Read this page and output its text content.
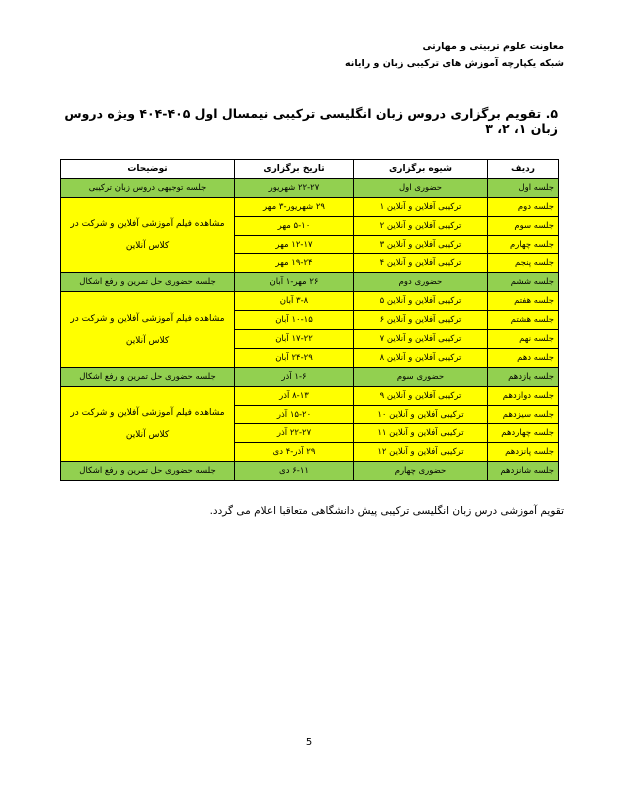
معاونت علوم تربیتی و مهارتی
شبکه یکپارچه آموزش های ترکیبی زبان و رایانه
۵. تقویم برگزاری دروس زبان انگلیسی ترکیبی نیمسال اول ۴۰۵-۴۰۴ ویژه دروس زبان ۱، ۲، ۳
ردیف	شیوه برگزاری	تاریخ برگزاری	توضیحات
جلسه اول	حضوری اول	۲۲-۲۷ شهریور	جلسه توجیهی دروس زبان ترکیبی
جلسه دوم	ترکیبی آفلاین و آنلاین ۱	۲۹ شهریور-۳ مهر	مشاهده فیلم آموزشی آفلاین و شرکت در کلاس آنلاین
جلسه سوم	ترکیبی آفلاین و آنلاین ۲	۵-۱۰ مهر	
جلسه چهارم	ترکیبی آفلاین و آنلاین ۳	۱۲-۱۷ مهر	
جلسه پنجم	ترکیبی آفلاین و آنلاین ۴	۱۹-۲۴ مهر	
جلسه ششم	حضوری دوم	۲۶ مهر-۱ آبان	جلسه حضوری حل تمرین و رفع اشکال
جلسه هفتم	ترکیبی آفلاین و آنلاین ۵	۳-۸ آبان	مشاهده فیلم آموزشی آفلاین و شرکت در کلاس آنلاین
جلسه هشتم	ترکیبی آفلاین و آنلاین ۶	۱۰-۱۵ آبان	
جلسه نهم	ترکیبی آفلاین و آنلاین ۷	۱۷-۲۲ آبان	
جلسه دهم	ترکیبی آفلاین و آنلاین ۸	۲۴-۲۹ آبان	
جلسه یازدهم	حضوری سوم	۱-۶ آذر	جلسه حضوری حل تمرین و رفع اشکال
جلسه دوازدهم	ترکیبی آفلاین و آنلاین ۹	۸-۱۳ آذر	مشاهده فیلم آموزشی آفلاین و شرکت در کلاس آنلاین
جلسه سیزدهم	ترکیبی آفلاین و آنلاین ۱۰	۱۵-۲۰ آذر	
جلسه چهاردهم	ترکیبی آفلاین و آنلاین ۱۱	۲۲-۲۷ آذر	
جلسه پانزدهم	ترکیبی آفلاین و آنلاین ۱۲	۲۹ آذر-۴ دی	
جلسه شانزدهم	حضوری چهارم	۶-۱۱ دی	جلسه حضوری حل تمرین و رفع اشکال
تقویم آموزشی درس زبان انگلیسی ترکیبی پیش دانشگاهی متعاقبا اعلام می گردد.
5
